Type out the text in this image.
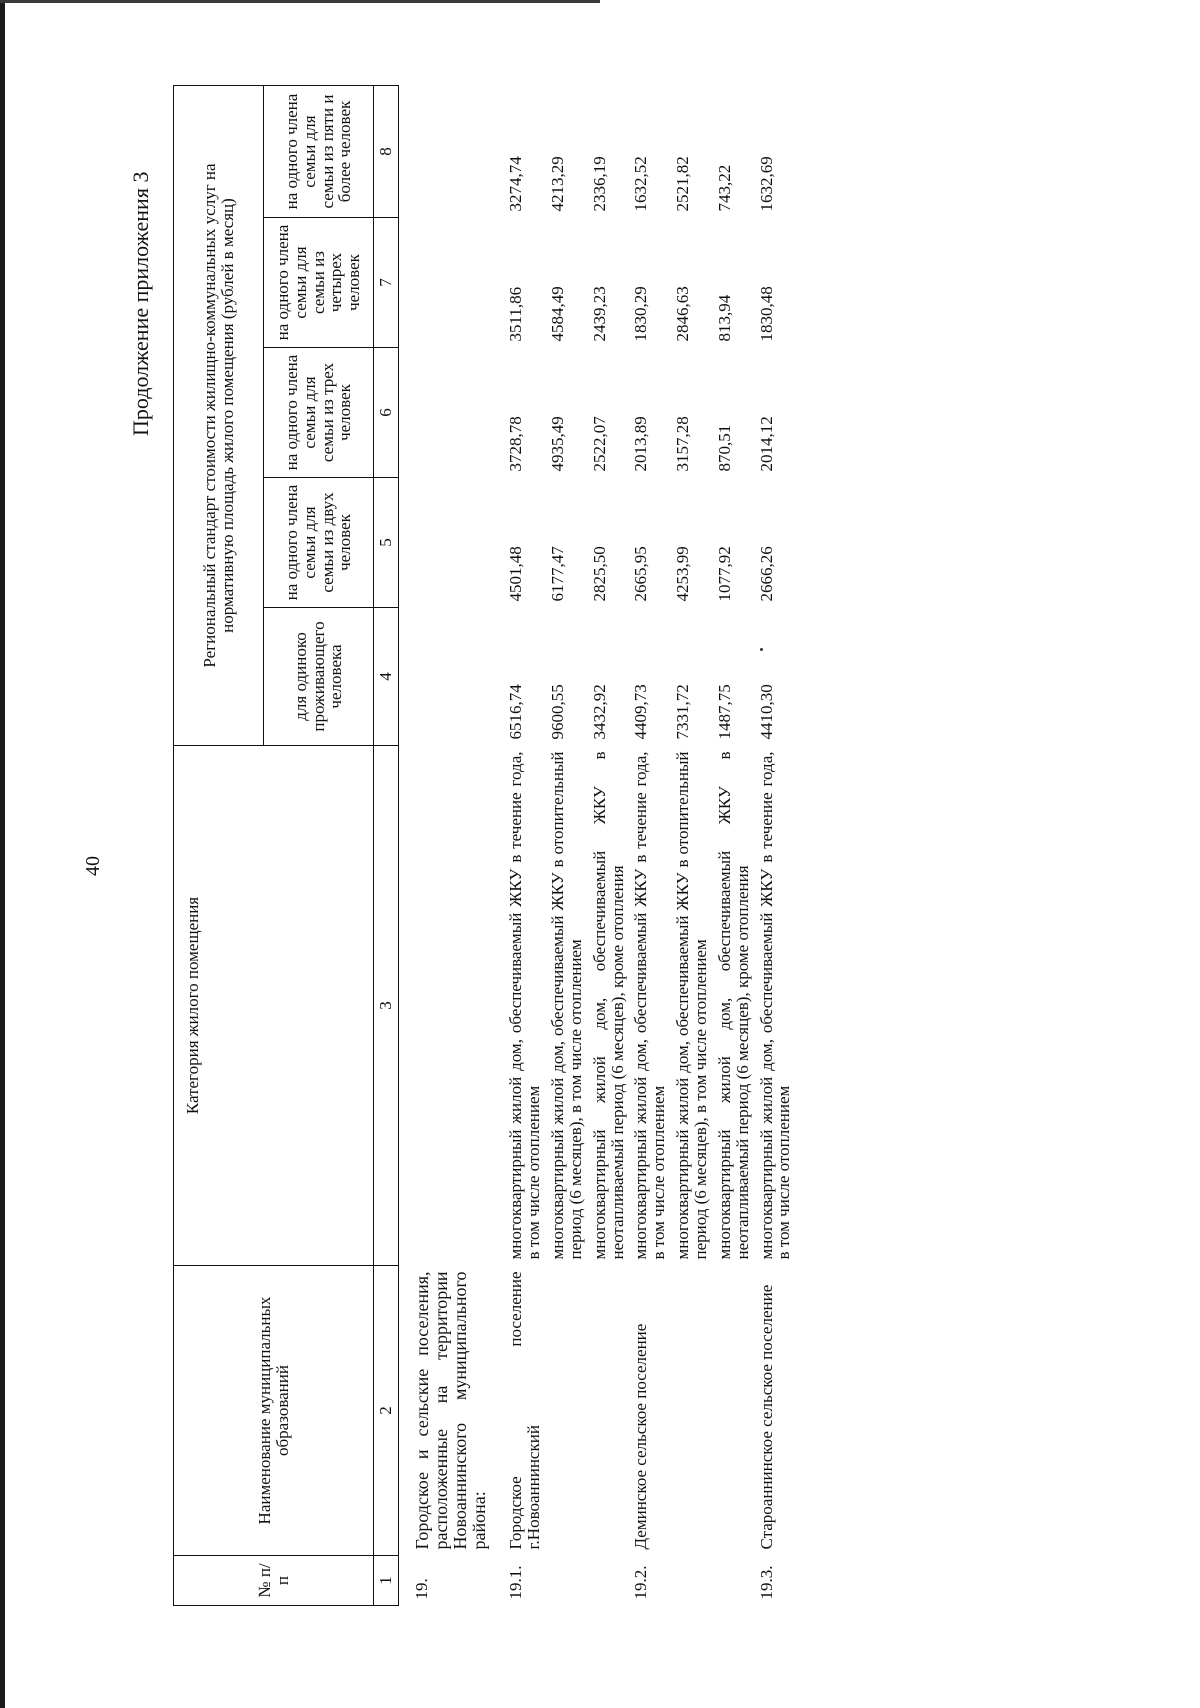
40
Продолжение приложения 3
№ п/п	Наименование муниципальных образований	Категория жилого помещения	Региональный стандарт стоимости жилищно-коммунальных услуг на нормативную площадь жилого помещения (рублей в месяц)				
			для одиноко проживающего человека	на одного члена семьи для семьи из двух человек	на одного члена семьи для семьи из трех человек	на одного члена семьи для семьи из четырех человек	на одного члена семьи для семьи из пяти и более человек
1	2	3	4	5	6	7	8
19.	Городское и сельские поселения, расположенные на территории Новоаннинского муниципального района:						
19.1.	Городское поселение г.Новоаннинский	многоквартирный жилой дом, обеспечиваемый ЖКУ в течение года, в том числе отоплением	6516,74	4501,48	3728,78	3511,86	3274,74
		многоквартирный жилой дом, обеспечиваемый ЖКУ в отопительный период (6 месяцев), в том числе отоплением	9600,55	6177,47	4935,49	4584,49	4213,29
		многоквартирный жилой дом, обеспечиваемый ЖКУ в неотапливаемый период (6 месяцев), кроме отопления	3432,92	2825,50	2522,07	2439,23	2336,19
19.2.	Деминское сельское поселение	многоквартирный жилой дом, обеспечиваемый ЖКУ в течение года, в том числе отоплением	4409,73	2665,95	2013,89	1830,29	1632,52
		многоквартирный жилой дом, обеспечиваемый ЖКУ в отопительный период (6 месяцев), в том числе отоплением	7331,72	4253,99	3157,28	2846,63	2521,82
		многоквартирный жилой дом, обеспечиваемый ЖКУ в неотапливаемый период (6 месяцев), кроме отопления	1487,75	1077,92	870,51	813,94	743,22
19.3.	Староаннинское сельское поселение	многоквартирный жилой дом, обеспечиваемый ЖКУ в течение года, в том числе отоплением	4410,30	2666,26	2014,12	1830,48	1632,69
